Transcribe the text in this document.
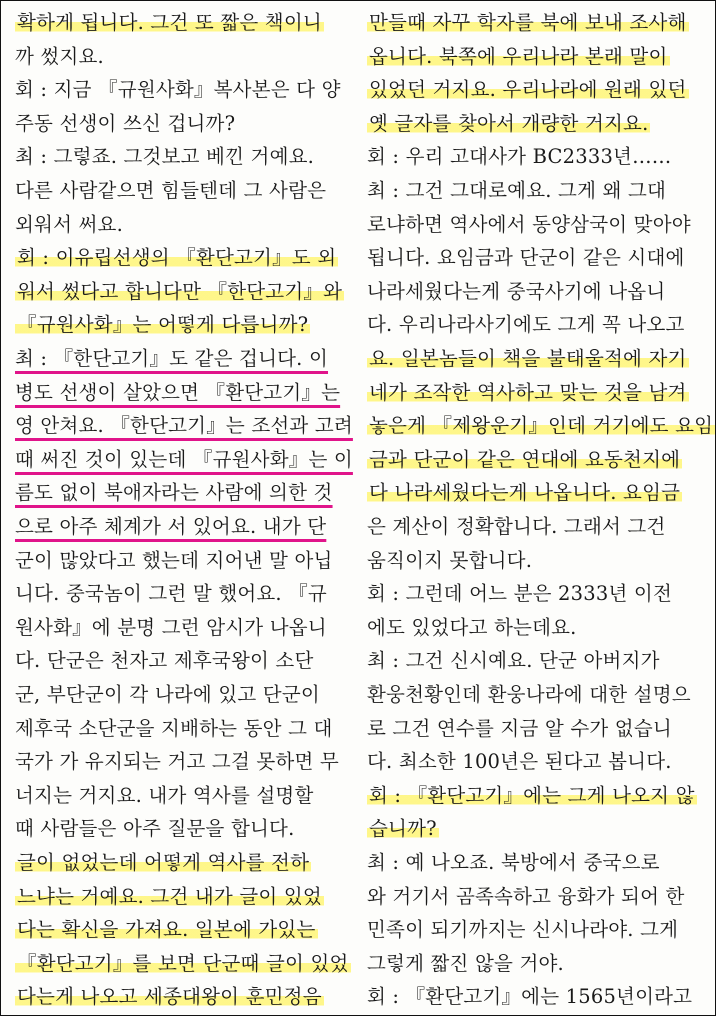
확하게 됩니다. 그건 또 짧은 책이니
까 썼지요.
회 : 지금 『규원사화』복사본은 다 양
주동 선생이 쓰신 겁니까?
최 : 그렇죠. 그것보고 베낀 거예요.
다른 사람같으면 힘들텐데 그 사람은
외워서 써요.
회 : 이유립선생의 『환단고기』도 외
워서 썼다고 합니다만 『한단고기』와
『규원사화』는 어떻게 다릅니까?
최 : 『한단고기』도 같은 겁니다. 이
병도 선생이 살았으면 『환단고기』는
영 안쳐요. 『한단고기』는 조선과 고려
때 써진 것이 있는데 『규원사화』는 이
름도 없이 북애자라는 사람에 의한 것
으로 아주 체계가 서 있어요. 내가 단
군이 많았다고 했는데 지어낸 말 아닙
니다. 중국놈이 그런 말 했어요. 『규
원사화』에 분명 그런 암시가 나옵니
다. 단군은 천자고 제후국왕이 소단
군, 부단군이 각 나라에 있고 단군이
제후국 소단군을 지배하는 동안 그 대
국가 가 유지되는 거고 그걸 못하면 무
너지는 거지요. 내가 역사를 설명할
때 사람들은 아주 질문을 합니다.
글이 없었는데 어떻게 역사를 전하
느냐는 거예요. 그건 내가 글이 있었
다는 확신을 가져요. 일본에 가있는
『환단고기』를 보면 단군때 글이 있었
다는게 나오고 세종대왕이 훈민정음
만들때 자꾸 학자를 북에 보내 조사해
옵니다. 북쪽에 우리나라 본래 말이
있었던 거지요. 우리나라에 원래 있던
옛 글자를 찾아서 개량한 거지요.
회 : 우리 고대사가 BC2333년……
최 : 그건 그대로예요. 그게 왜 그대
로냐하면 역사에서 동양삼국이 맞아야
됩니다. 요임금과 단군이 같은 시대에
나라세웠다는게 중국사기에 나옵니
다. 우리나라사기에도 그게 꼭 나오고
요. 일본놈들이 책을 불태울적에 자기
네가 조작한 역사하고 맞는 것을 남겨
놓은게 『제왕운기』인데 거기에도 요임
금과 단군이 같은 연대에 요동천지에
다 나라세웠다는게 나옵니다. 요임금
은 계산이 정확합니다. 그래서 그건
움직이지 못합니다.
회 : 그런데 어느 분은 2333년 이전
에도 있었다고 하는데요.
최 : 그건 신시예요. 단군 아버지가
환웅천황인데 환웅나라에 대한 설명으
로 그건 연수를 지금 알 수가 없습니
다. 최소한 100년은 된다고 봅니다.
회 : 『환단고기』에는 그게 나오지 않
습니까?
최 : 예 나오죠. 북방에서 중국으로
와 거기서 곰족속하고 융화가 되어 한
민족이 되기까지는 신시나라야. 그게
그렇게 짧진 않을 거야.
회 : 『환단고기』에는 1565년이라고
